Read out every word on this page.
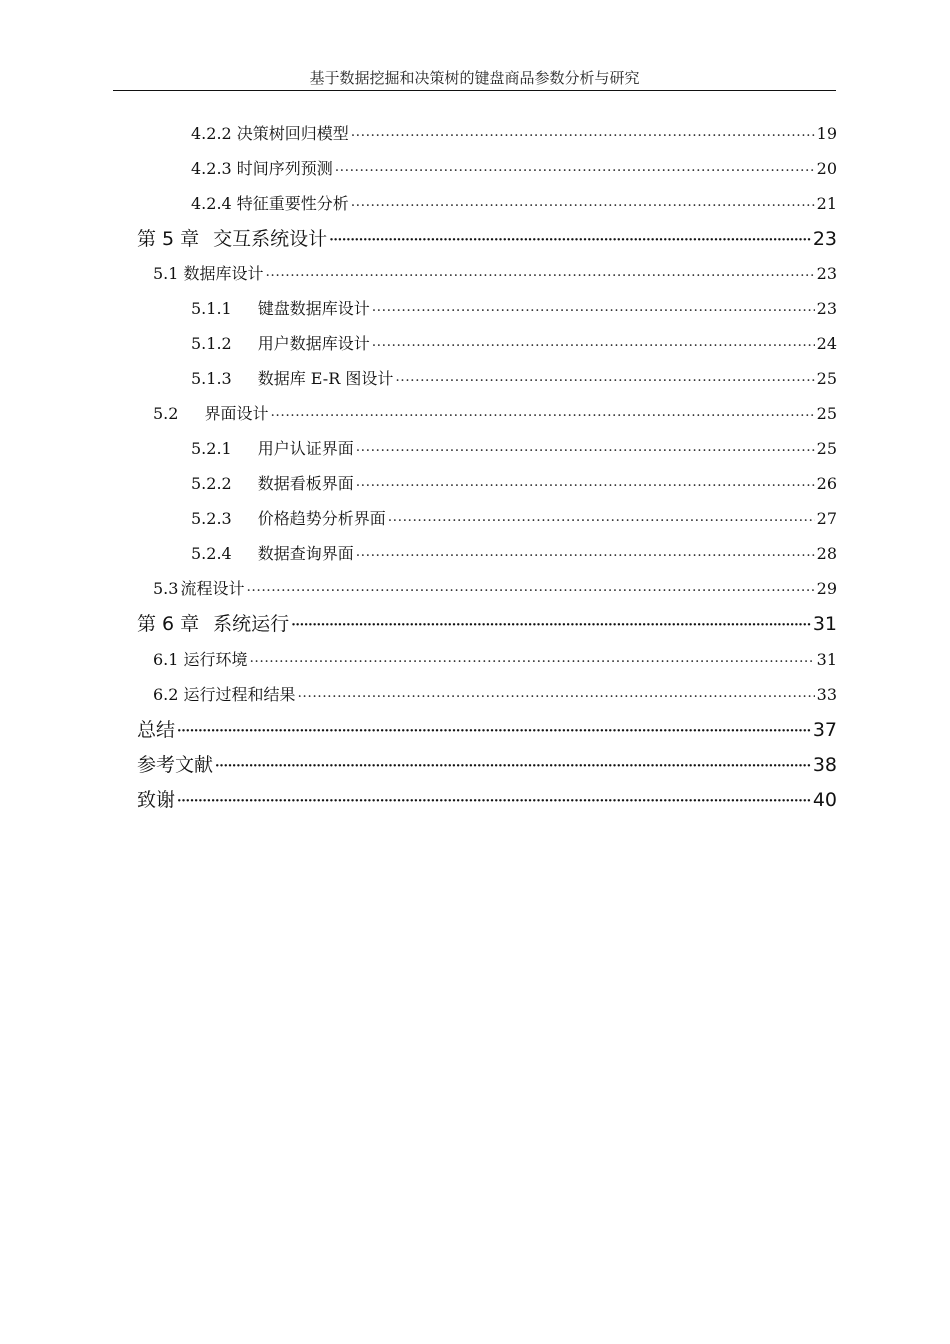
基于数据挖掘和决策树的键盘商品参数分析与研究
4.2.2 决策树回归模型 ·····	19
4.2.3 时间序列预测 ·····	20
4.2.4 特征重要性分析 ·····	21
第 5 章 交互系统设计 ·····	23
5.1 数据库设计 ·····	23
5.1.1 键盘数据库设计 ·····	23
5.1.2 用户数据库设计 ·····	24
5.1.3 数据库 E-R 图设计 ·····	25
5.2 界面设计 ·····	25
5.2.1 用户认证界面 ·····	25
5.2.2 数据看板界面 ·····	26
5.2.3 价格趋势分析界面 ·····	27
5.2.4 数据查询界面 ·····	28
5.3 流程设计 ·····	29
第 6 章 系统运行 ·····	31
6.1 运行环境 ·····	31
6.2 运行过程和结果 ·····	33
总结 ·····	37
参考文献 ·····	38
致谢 ·····	40
